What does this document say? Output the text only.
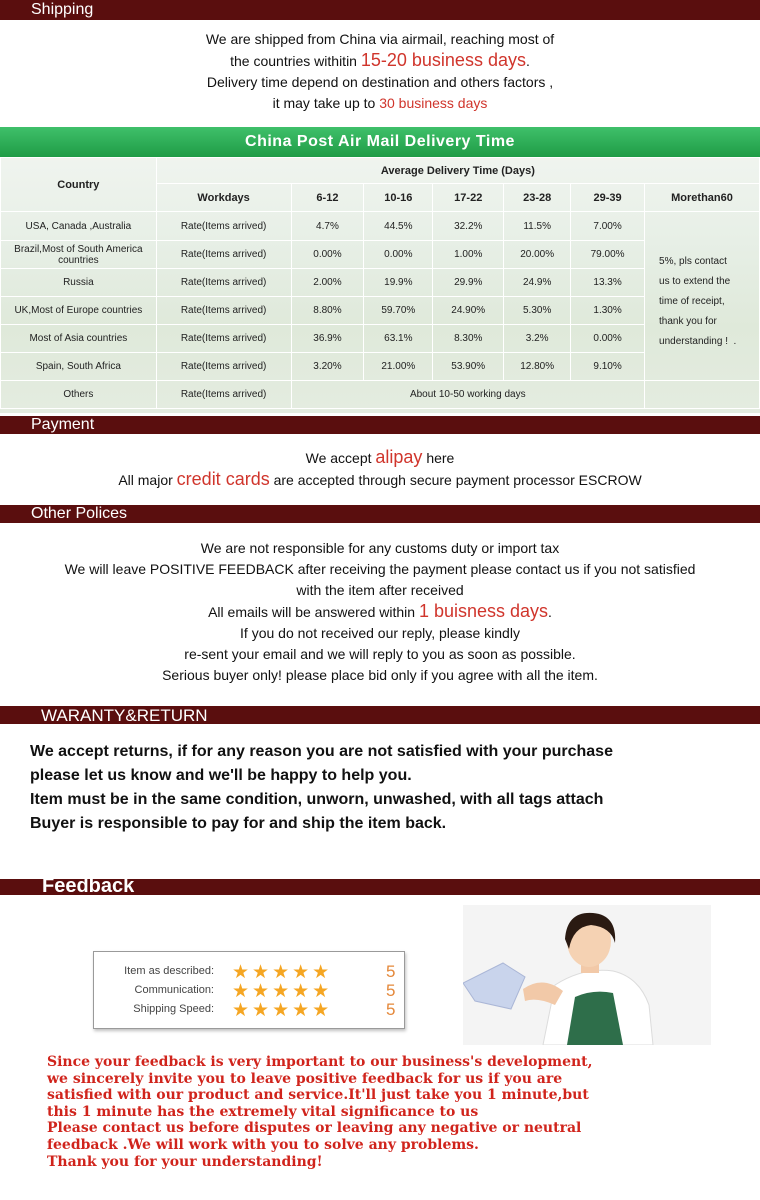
Shipping

We are shipped from China via airmail, reaching most of

the countries withitin 15-20 business days.

Delivery time depend on destination and others factors ,

it may take up to 30 business days

China Post Air Mail Delivery Time
Country	Average Delivery Time (Days)						
	Workdays	6-12	10-16	17-22	23-28	29-39	Morethan60
USA, Canada ,Australia	Rate(Items arrived)	4.7%	44.5%	32.2%	11.5%	7.00%	5%, pls contact
us to extend the
time of receipt,
thank you for
understanding !  .

Brazil,Most of South America countries	Rate(Items arrived)	0.00%	0.00%	1.00%	20.00%	79.00%	
Russia	Rate(Items arrived)	2.00%	19.9%	29.9%	24.9%	13.3%	
UK,Most of Europe countries	Rate(Items arrived)	8.80%	59.70%	24.90%	5.30%	1.30%	
Most of Asia countries	Rate(Items arrived)	36.9%	63.1%	8.30%	3.2%	0.00%	
Spain, South Africa	Rate(Items arrived)	3.20%	21.00%	53.90%	12.80%	9.10%	
Others	Rate(Items arrived)	About 10-50 working days					
Payment

We accept alipay here

All major credit cards are accepted through secure payment processor ESCROW

Other Polices

We are not responsible for any customs duty or import tax

We will leave POSITIVE FEEDBACK after receiving the payment please contact us if you not satisfied

with the item after received

All emails will be answered within 1 buisness days.

If you do not received our reply, please kindly

re-sent your email and we will reply to you as soon as possible.

Serious buyer only! please place bid only if you agree with all the item.

WARANTY&RETURN

We accept returns, if for any reason you are not satisfied with your purchase

please let us know and we'll be happy to help you.

Item must be in the same condition, unworn, unwashed, with all tags attach

Buyer is responsible to pay for and ship the item back.

Feedback
Item as described: ★★★★★	5
Communication: ★★★★★	5
Shipping Speed: ★★★★★	5

Since your feedback is very important to our business's development,

we sincerely invite you to leave positive feedback for us if you are

satisfied with our product and service.It'll just take you 1 minute,but

this 1 minute has the extremely vital significance to us

Please contact us before disputes or leaving any negative or neutral

feedback .We will work with you to solve any problems.

Thank you for your understanding!
